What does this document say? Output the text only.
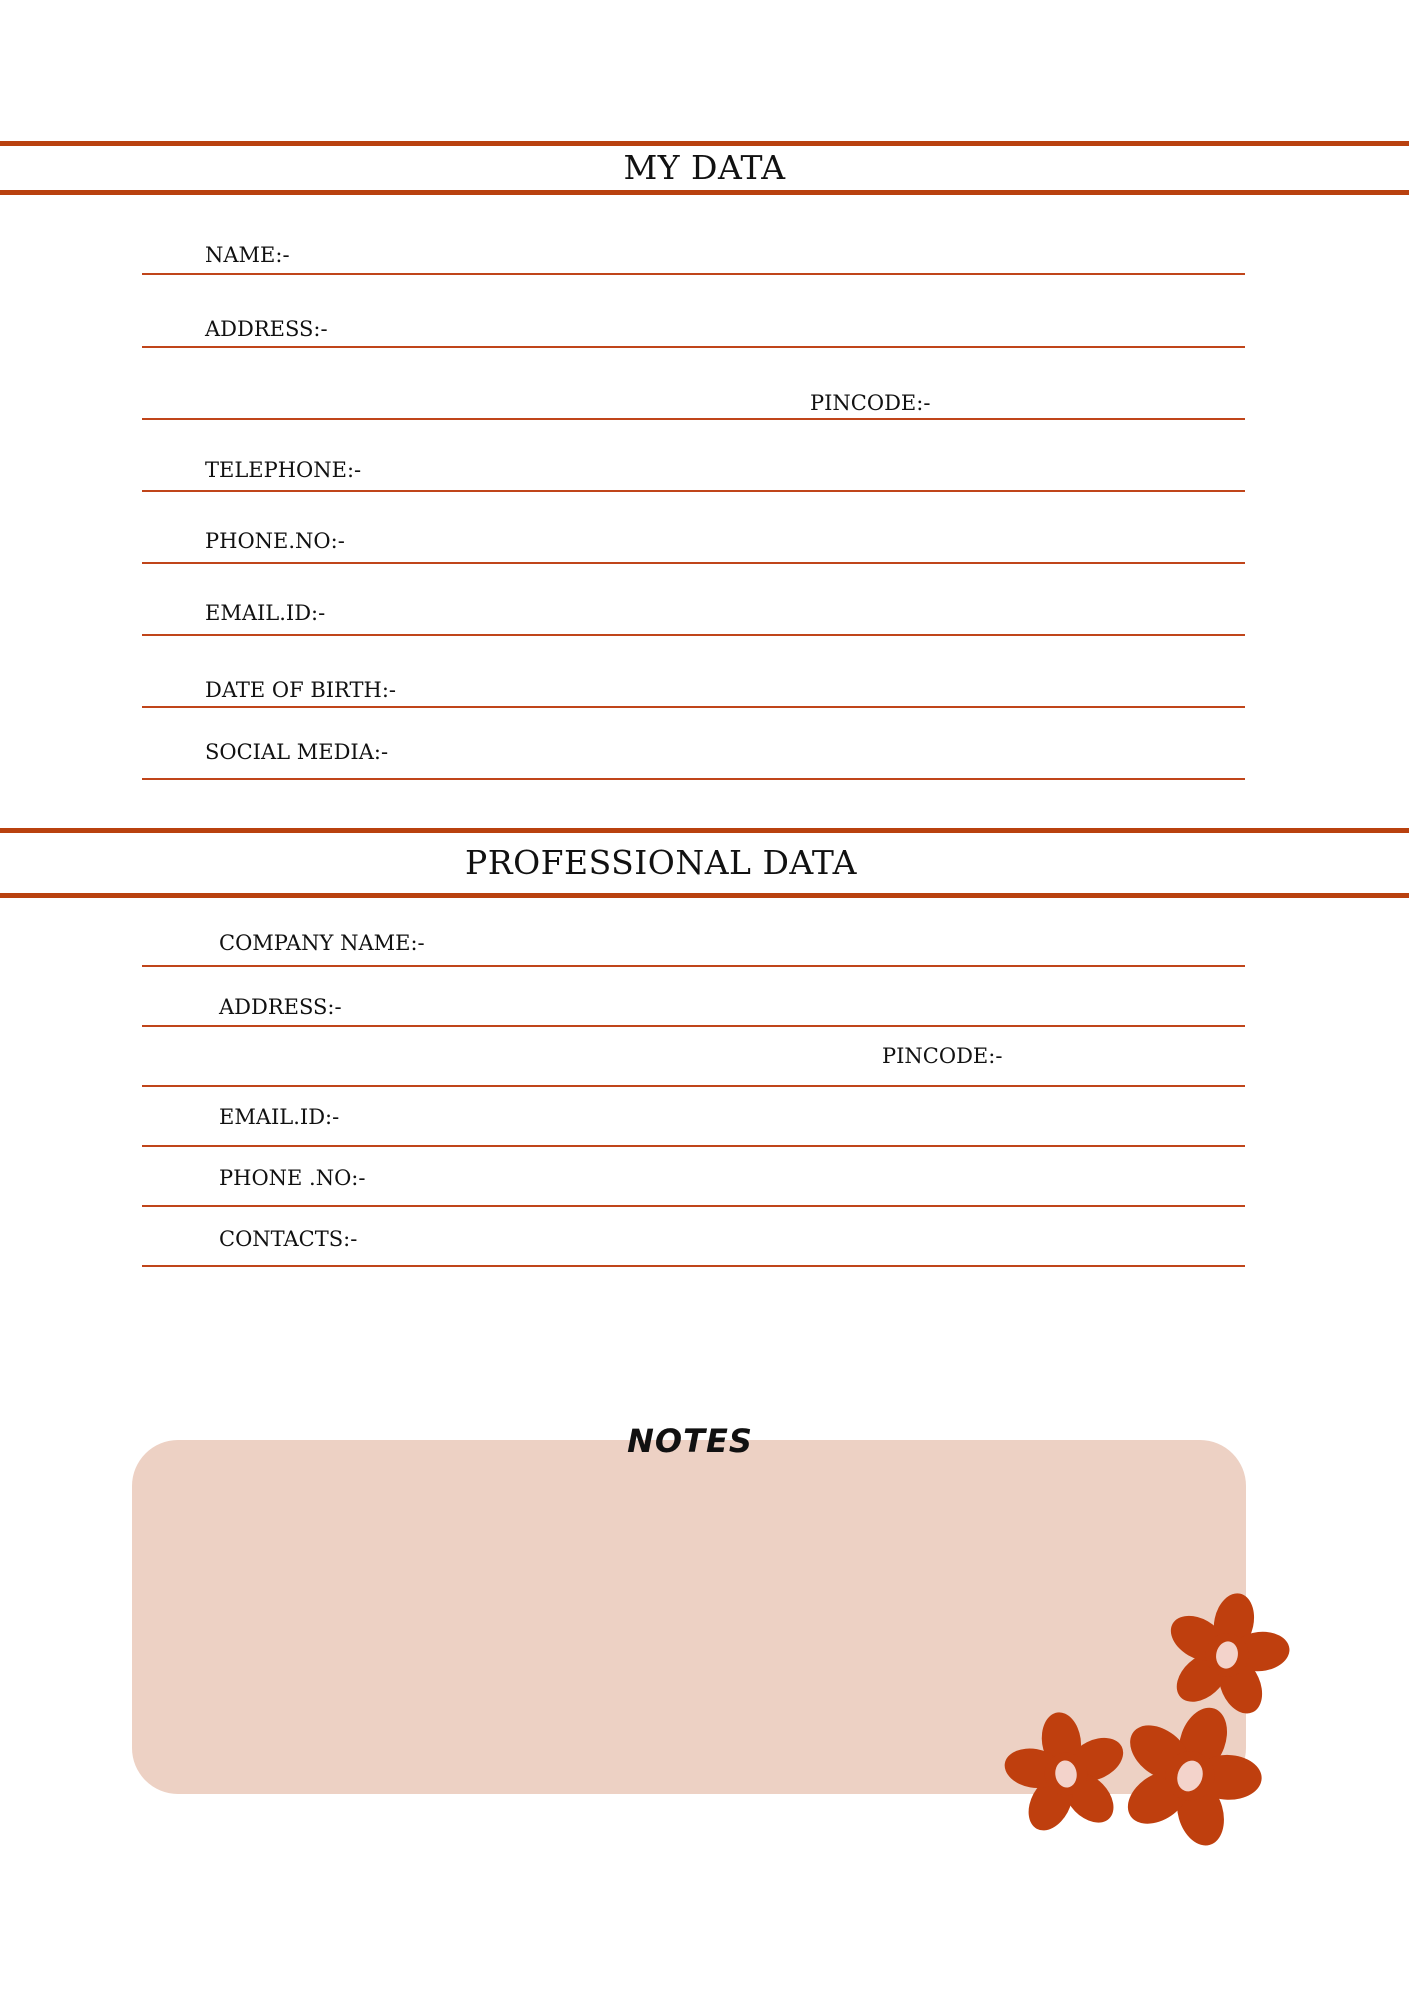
MY DATA
NAME:-
ADDRESS:-
PINCODE:-
TELEPHONE:-
PHONE.NO:-
EMAIL.ID:-
DATE OF BIRTH:-
SOCIAL MEDIA:-
PROFESSIONAL DATA
COMPANY NAME:-
ADDRESS:-
PINCODE:-
EMAIL.ID:-
PHONE .NO:-
CONTACTS:-
NOTES
